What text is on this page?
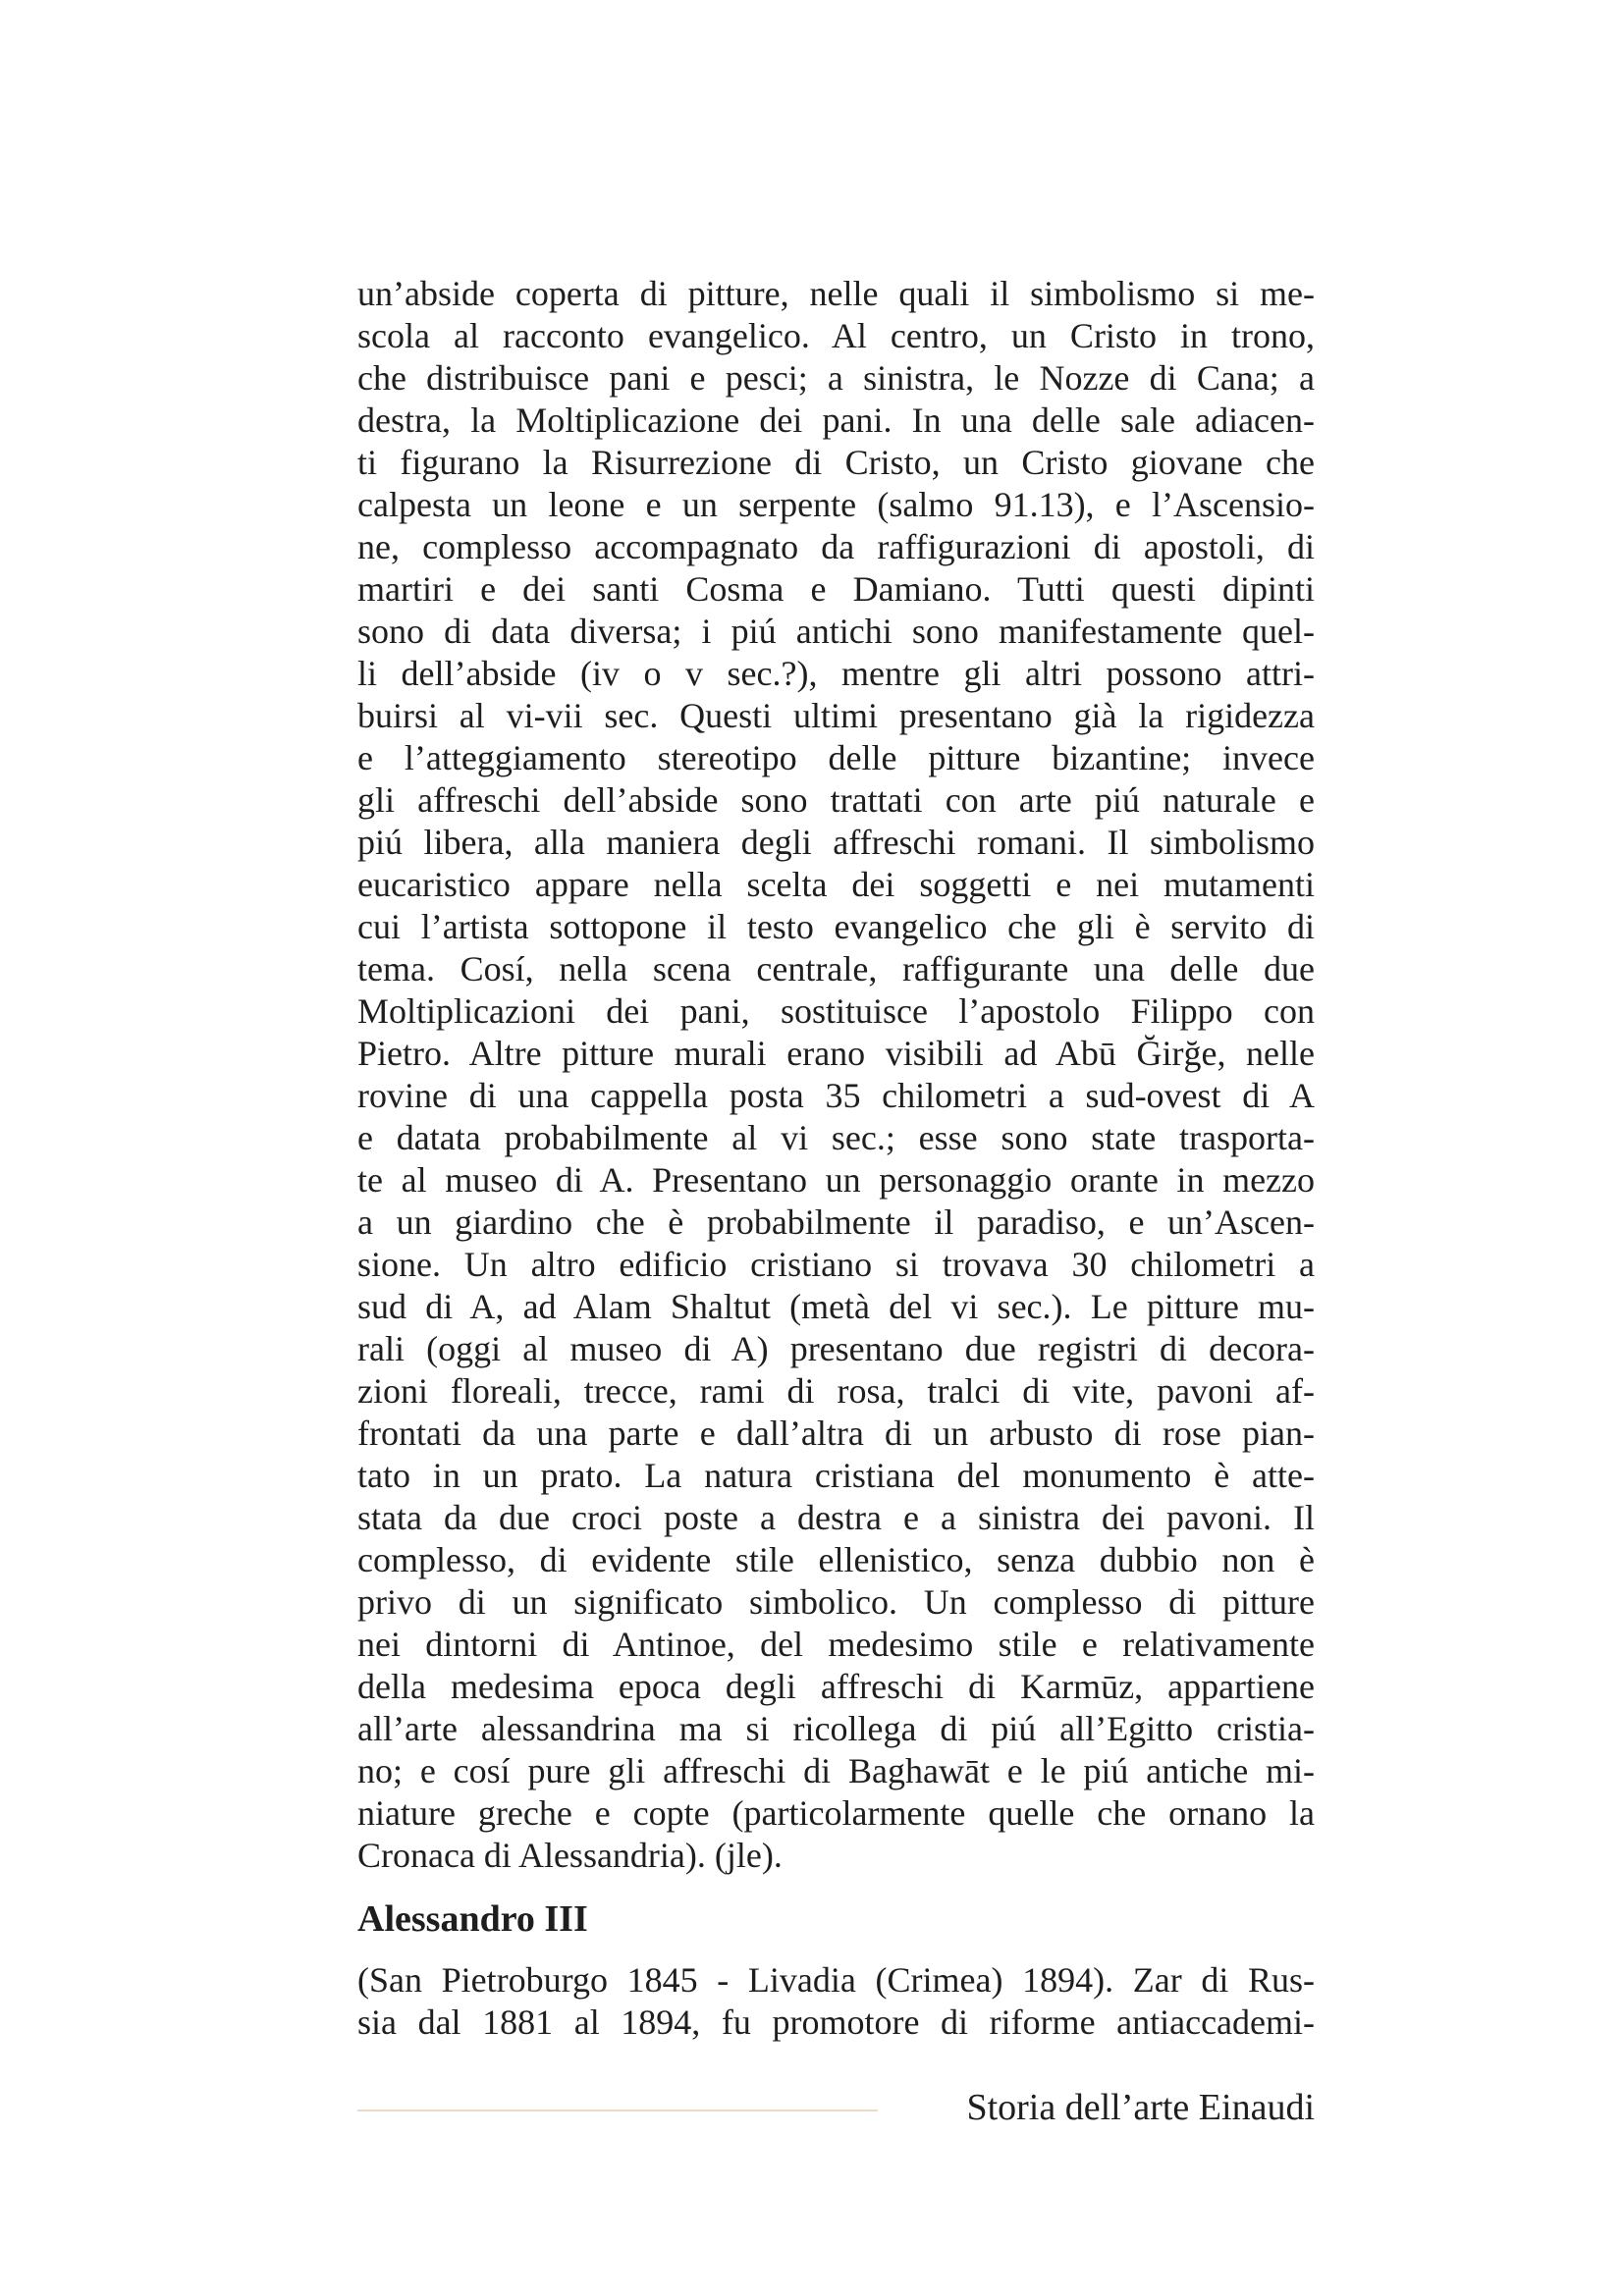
un’abside coperta di pitture, nelle quali il simbolismo si me-
scola al racconto evangelico. Al centro, un Cristo in trono,
che distribuisce pani e pesci; a sinistra, le Nozze di Cana; a
destra, la Moltiplicazione dei pani. In una delle sale adiacen-
ti figurano la Risurrezione di Cristo, un Cristo giovane che
calpesta un leone e un serpente (salmo 91.13), e l’Ascensio-
ne, complesso accompagnato da raffigurazioni di apostoli, di
martiri e dei santi Cosma e Damiano. Tutti questi dipinti
sono di data diversa; i piú antichi sono manifestamente quel-
li dell’abside (iv o v sec.?), mentre gli altri possono attri-
buirsi al vi-vii sec. Questi ultimi presentano già la rigidezza
e l’atteggiamento stereotipo delle pitture bizantine; invece
gli affreschi dell’abside sono trattati con arte piú naturale e
piú libera, alla maniera degli affreschi romani. Il simbolismo
eucaristico appare nella scelta dei soggetti e nei mutamenti
cui l’artista sottopone il testo evangelico che gli è servito di
tema. Cosí, nella scena centrale, raffigurante una delle due
Moltiplicazioni dei pani, sostituisce l’apostolo Filippo con
Pietro. Altre pitture murali erano visibili ad Abū Ğirğe, nelle
rovine di una cappella posta 35 chilometri a sud-ovest di A
e datata probabilmente al vi sec.; esse sono state trasporta-
te al museo di A. Presentano un personaggio orante in mezzo
a un giardino che è probabilmente il paradiso, e un’Ascen-
sione. Un altro edificio cristiano si trovava 30 chilometri a
sud di A, ad Alam Shaltut (metà del vi sec.). Le pitture mu-
rali (oggi al museo di A) presentano due registri di decora-
zioni floreali, trecce, rami di rosa, tralci di vite, pavoni af-
frontati da una parte e dall’altra di un arbusto di rose pian-
tato in un prato. La natura cristiana del monumento è atte-
stata da due croci poste a destra e a sinistra dei pavoni. Il
complesso, di evidente stile ellenistico, senza dubbio non è
privo di un significato simbolico. Un complesso di pitture
nei dintorni di Antinoe, del medesimo stile e relativamente
della medesima epoca degli affreschi di Karmūz, appartiene
all’arte alessandrina ma si ricollega di piú all’Egitto cristia-
no; e cosí pure gli affreschi di Baghawāt e le piú antiche mi-
niature greche e copte (particolarmente quelle che ornano la
Cronaca di Alessandria). (jle).
Alessandro III
(San Pietroburgo 1845 - Livadia (Crimea) 1894). Zar di Rus-
sia dal 1881 al 1894, fu promotore di riforme antiaccademi-
Storia dell’arte Einaudi
